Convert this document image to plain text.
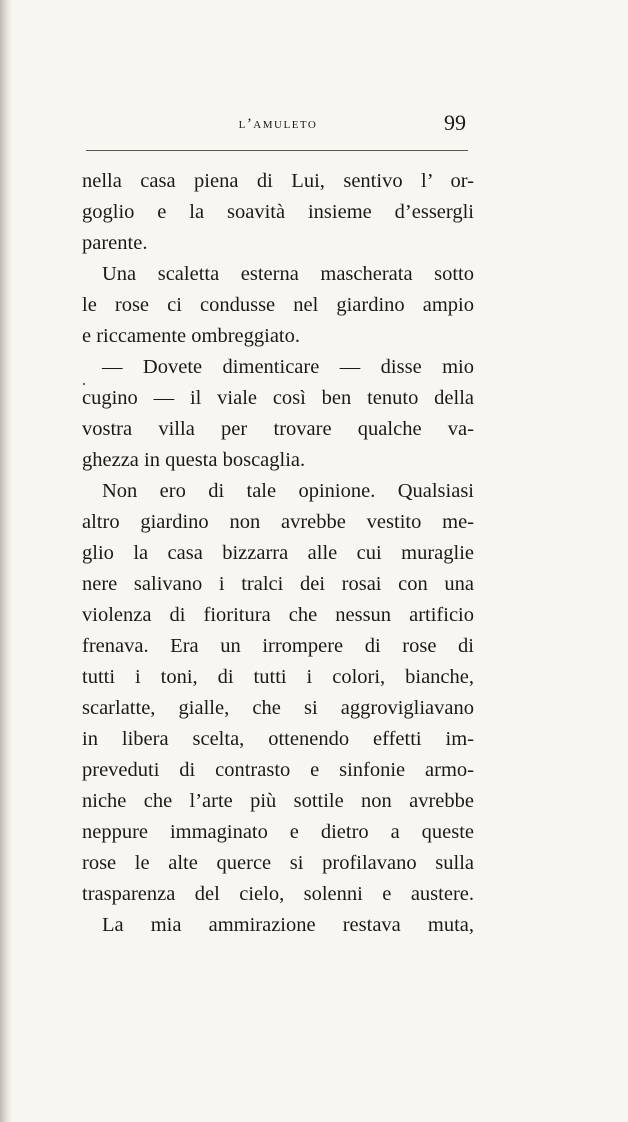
l’amuleto	99
nella casa piena di Lui, sentivo l’ or-
goglio e la soavità insieme d’essergli
parente.
Una scaletta esterna mascherata sotto
le rose ci condusse nel giardino ampio
e riccamente ombreggiato.
— Dovete dimenticare — disse mio
cugino — il viale così ben tenuto della
vostra villa per trovare qualche va-
ghezza in questa boscaglia.
Non ero di tale opinione. Qualsiasi
altro giardino non avrebbe vestito me-
glio la casa bizzarra alle cui muraglie
nere salivano i tralci dei rosai con una
violenza di fioritura che nessun artificio
frenava. Era un irrompere di rose di
tutti i toni, di tutti i colori, bianche,
scarlatte, gialle, che si aggrovigliavano
in libera scelta, ottenendo effetti im-
preveduti di contrasto e sinfonie armo-
niche che l’arte più sottile non avrebbe
neppure immaginato e dietro a queste
rose le alte querce si profilavano sulla
trasparenza del cielo, solenni e austere.
La mia ammirazione restava muta,
